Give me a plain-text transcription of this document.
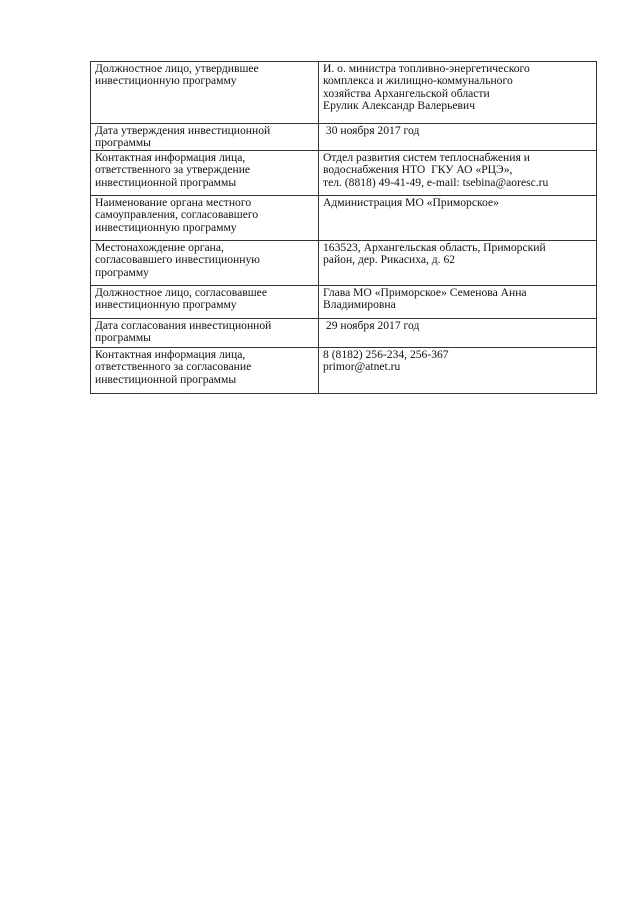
Должностное лицо, утвердившее
инвестиционную программу	И. о. министра топливно-энергетического
комплекса и жилищно-коммунального
хозяйства Архангельской области
Ерулик Александр Валерьевич

Дата утверждения инвестиционной
программы	30 ноября 2017 год

Контактная информация лица,
ответственного за утверждение
инвестиционной программы	Отдел развития систем теплоснабжения и
водоснабжения НТО  ГКУ АО «РЦЭ»,
тел. (8818) 49-41-49, e-mail: tsebina@aoresc.ru

Наименование органа местного
самоуправления, согласовавшего
инвестиционную программу	Администрация МО «Приморское»

Местонахождение органа,
согласовавшего инвестиционную
программу	163523, Архангельская область, Приморский
район, дер. Рикасиха, д. 62

Должностное лицо, согласовавшее
инвестиционную программу	Глава МО «Приморское» Семенова Анна
Владимировна

Дата согласования инвестиционной
программы	29 ноября 2017 год

Контактная информация лица,
ответственного за согласование
инвестиционной программы	8 (8182) 256-234, 256-367
primor@atnet.ru
